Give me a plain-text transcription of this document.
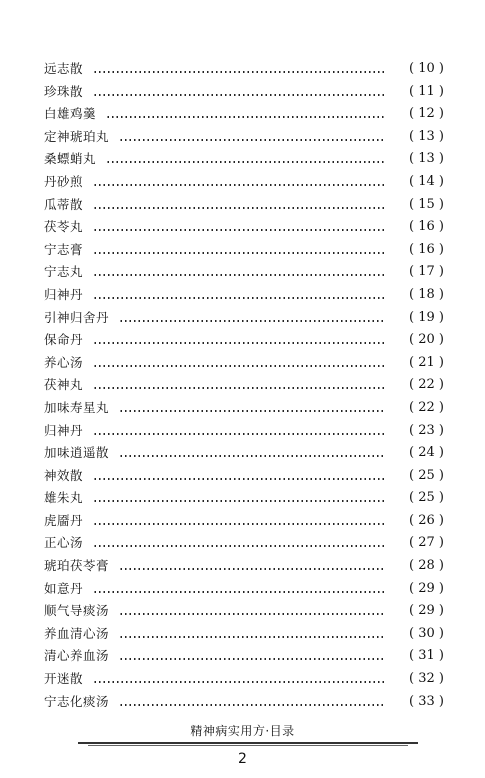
远志散	( 10 )
珍珠散	( 11 )
白雄鸡羹	( 12 )
定神琥珀丸	( 13 )
桑螵蛸丸	( 13 )
丹砂煎	( 14 )
瓜蒂散	( 15 )
茯苓丸	( 16 )
宁志膏	( 16 )
宁志丸	( 17 )
归神丹	( 18 )
引神归舍丹	( 19 )
保命丹	( 20 )
养心汤	( 21 )
茯神丸	( 22 )
加味寿星丸	( 22 )
归神丹	( 23 )
加味逍遥散	( 24 )
神效散	( 25 )
雄朱丸	( 25 )
虎靥丹	( 26 )
正心汤	( 27 )
琥珀茯苓膏	( 28 )
如意丹	( 29 )
顺气导痰汤	( 29 )
养血清心汤	( 30 )
清心养血汤	( 31 )
开迷散	( 32 )
宁志化痰汤	( 33 )
精神病实用方·目录
2
